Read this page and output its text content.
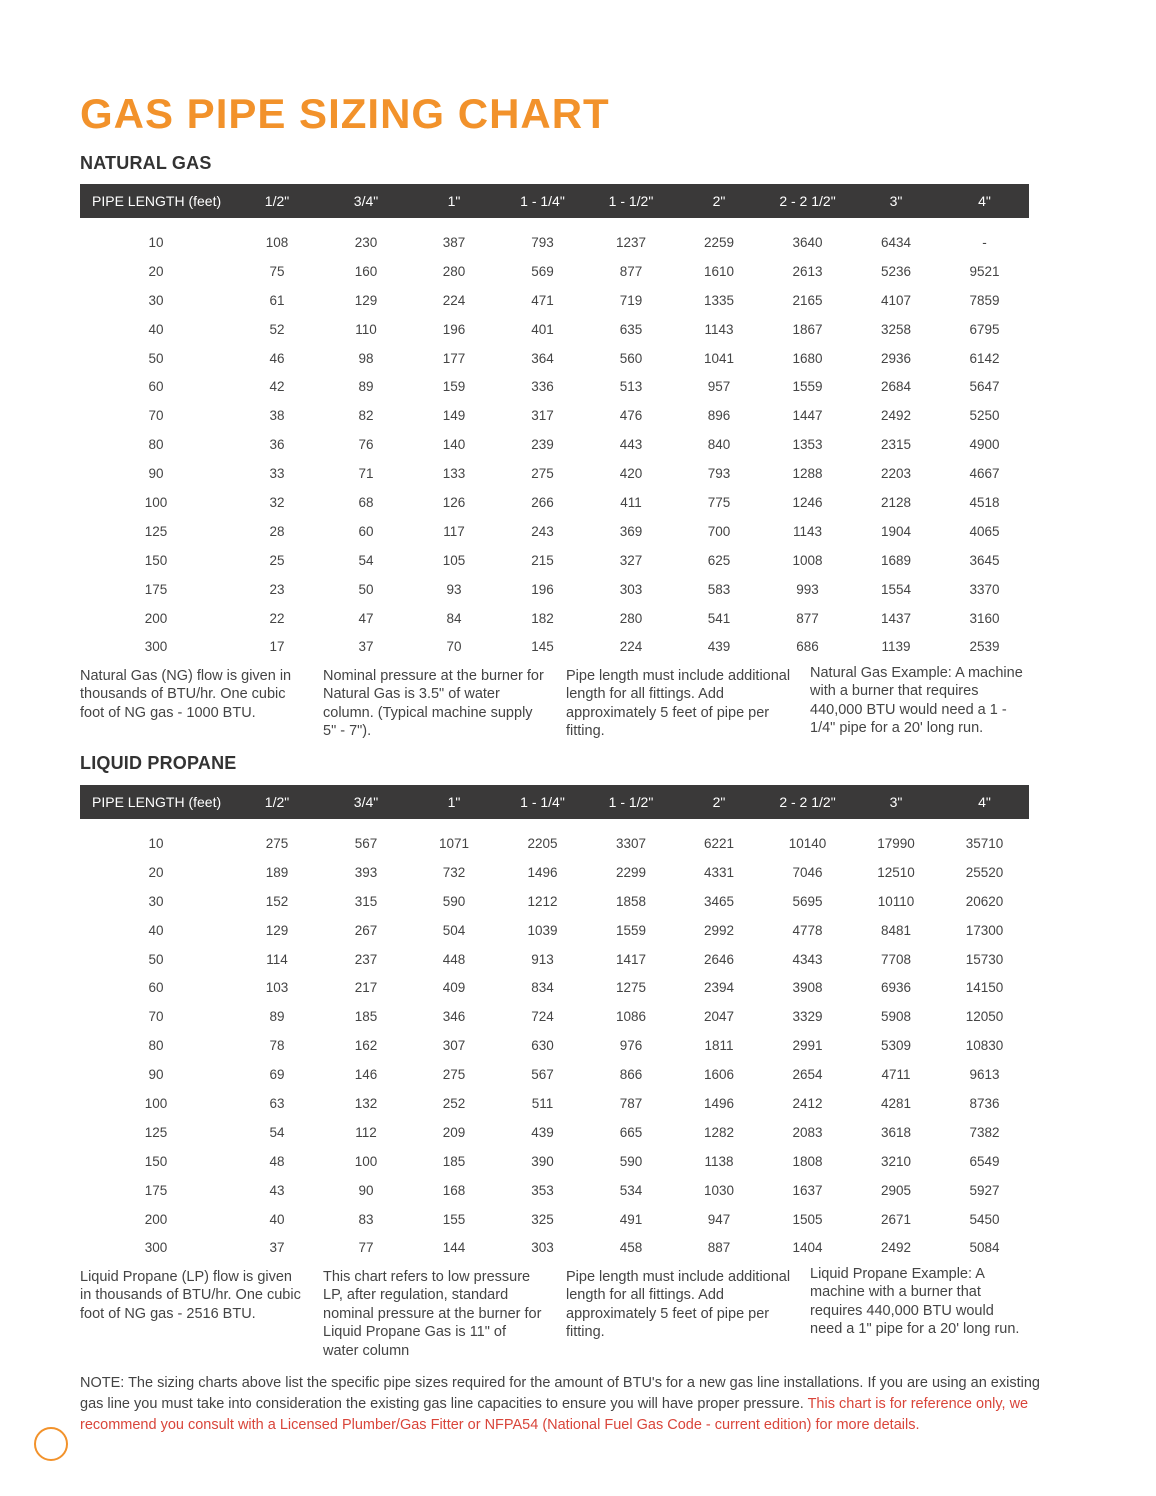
GAS PIPE SIZING CHART
NATURAL GAS
PIPE LENGTH (feet)	1/2"	3/4"	1"	1 - 1/4"	1 - 1/2"	2"	2 - 2 1/2"	3"	4"
10	108	230	387	793	1237	2259	3640	6434	-
20	75	160	280	569	877	1610	2613	5236	9521
30	61	129	224	471	719	1335	2165	4107	7859
40	52	110	196	401	635	1143	1867	3258	6795
50	46	98	177	364	560	1041	1680	2936	6142
60	42	89	159	336	513	957	1559	2684	5647
70	38	82	149	317	476	896	1447	2492	5250
80	36	76	140	239	443	840	1353	2315	4900
90	33	71	133	275	420	793	1288	2203	4667
100	32	68	126	266	411	775	1246	2128	4518
125	28	60	117	243	369	700	1143	1904	4065
150	25	54	105	215	327	625	1008	1689	3645
175	23	50	93	196	303	583	993	1554	3370
200	22	47	84	182	280	541	877	1437	3160
300	17	37	70	145	224	439	686	1139	2539

Natural Gas (NG) flow is given in thousands of BTU/hr. One cubic foot of NG gas - 1000 BTU.

Nominal pressure at the burner for Natural Gas is 3.5" of water column. (Typical machine supply 5" - 7").

Pipe length must include additional length for all fittings. Add approximately 5 feet of pipe per fitting.

Natural Gas Example: A machine with a burner that requires 440,000 BTU would need a 1 - 1/4" pipe for a 20' long run.

LIQUID PROPANE
PIPE LENGTH (feet)	1/2"	3/4"	1"	1 - 1/4"	1 - 1/2"	2"	2 - 2 1/2"	3"	4"
10	275	567	1071	2205	3307	6221	10140	17990	35710
20	189	393	732	1496	2299	4331	7046	12510	25520
30	152	315	590	1212	1858	3465	5695	10110	20620
40	129	267	504	1039	1559	2992	4778	8481	17300
50	114	237	448	913	1417	2646	4343	7708	15730
60	103	217	409	834	1275	2394	3908	6936	14150
70	89	185	346	724	1086	2047	3329	5908	12050
80	78	162	307	630	976	1811	2991	5309	10830
90	69	146	275	567	866	1606	2654	4711	9613
100	63	132	252	511	787	1496	2412	4281	8736
125	54	112	209	439	665	1282	2083	3618	7382
150	48	100	185	390	590	1138	1808	3210	6549
175	43	90	168	353	534	1030	1637	2905	5927
200	40	83	155	325	491	947	1505	2671	5450
300	37	77	144	303	458	887	1404	2492	5084

Liquid Propane (LP) flow is given in thousands of BTU/hr. One cubic foot of NG gas - 2516 BTU.

This chart refers to low pressure LP, after regulation, standard nominal pressure at the burner for Liquid Propane Gas is 11" of water column

Pipe length must include additional length for all fittings. Add approximately 5 feet of pipe per fitting.

Liquid Propane Example: A machine with a burner that requires 440,000 BTU would need a 1" pipe for a 20' long run.

NOTE: The sizing charts above list the specific pipe sizes required for the amount of BTU's for a new gas line installations. If you are using an existing gas line you must take into consideration the existing gas line capacities to ensure you will have proper pressure. This chart is for reference only, we recommend you consult with a Licensed Plumber/Gas Fitter or NFPA54 (National Fuel Gas Code - current edition) for more details.
